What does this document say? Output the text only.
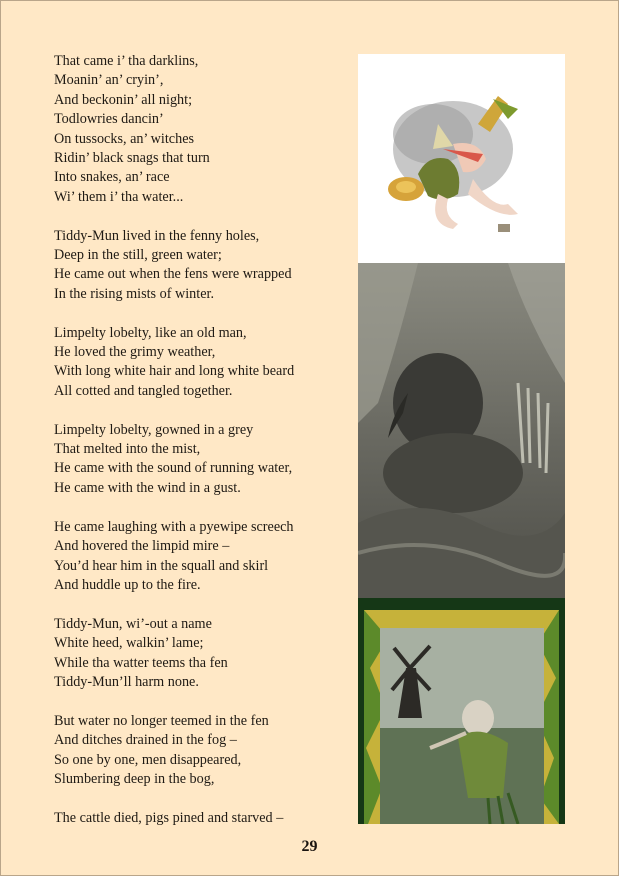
That came i’ tha darklins,
Moanin’ an’ cryin’,
And beckonin’ all night;
Todlowries dancin’
On tussocks, an’ witches
Ridin’ black snags that turn
Into snakes, an’ race
Wi’ them i’ tha water...
Tiddy-Mun lived in the fenny holes,
Deep in the still, green water;
He came out when the fens were wrapped
In the rising mists of winter.
Limpelty lobelty, like an old man,
He loved the grimy weather,
With long white hair and long white beard
All cotted and tangled together.
Limpelty lobelty, gowned in a grey
That melted into the mist,
He came with the sound of running water,
He came with the wind in a gust.
He came laughing with a pyewipe screech
And hovered the limpid mire –
You’d hear him in the squall and skirl
And huddle up to the fire.
Tiddy-Mun, wi’-out a name
White heed, walkin’ lame;
While tha watter teems tha fen
Tiddy-Mun’ll harm none.
But water no longer teemed in the fen
And ditches drained in the fog –
So one by one, men disappeared,
Slumbering deep in the bog,
The cattle died, pigs pined and starved –
29
